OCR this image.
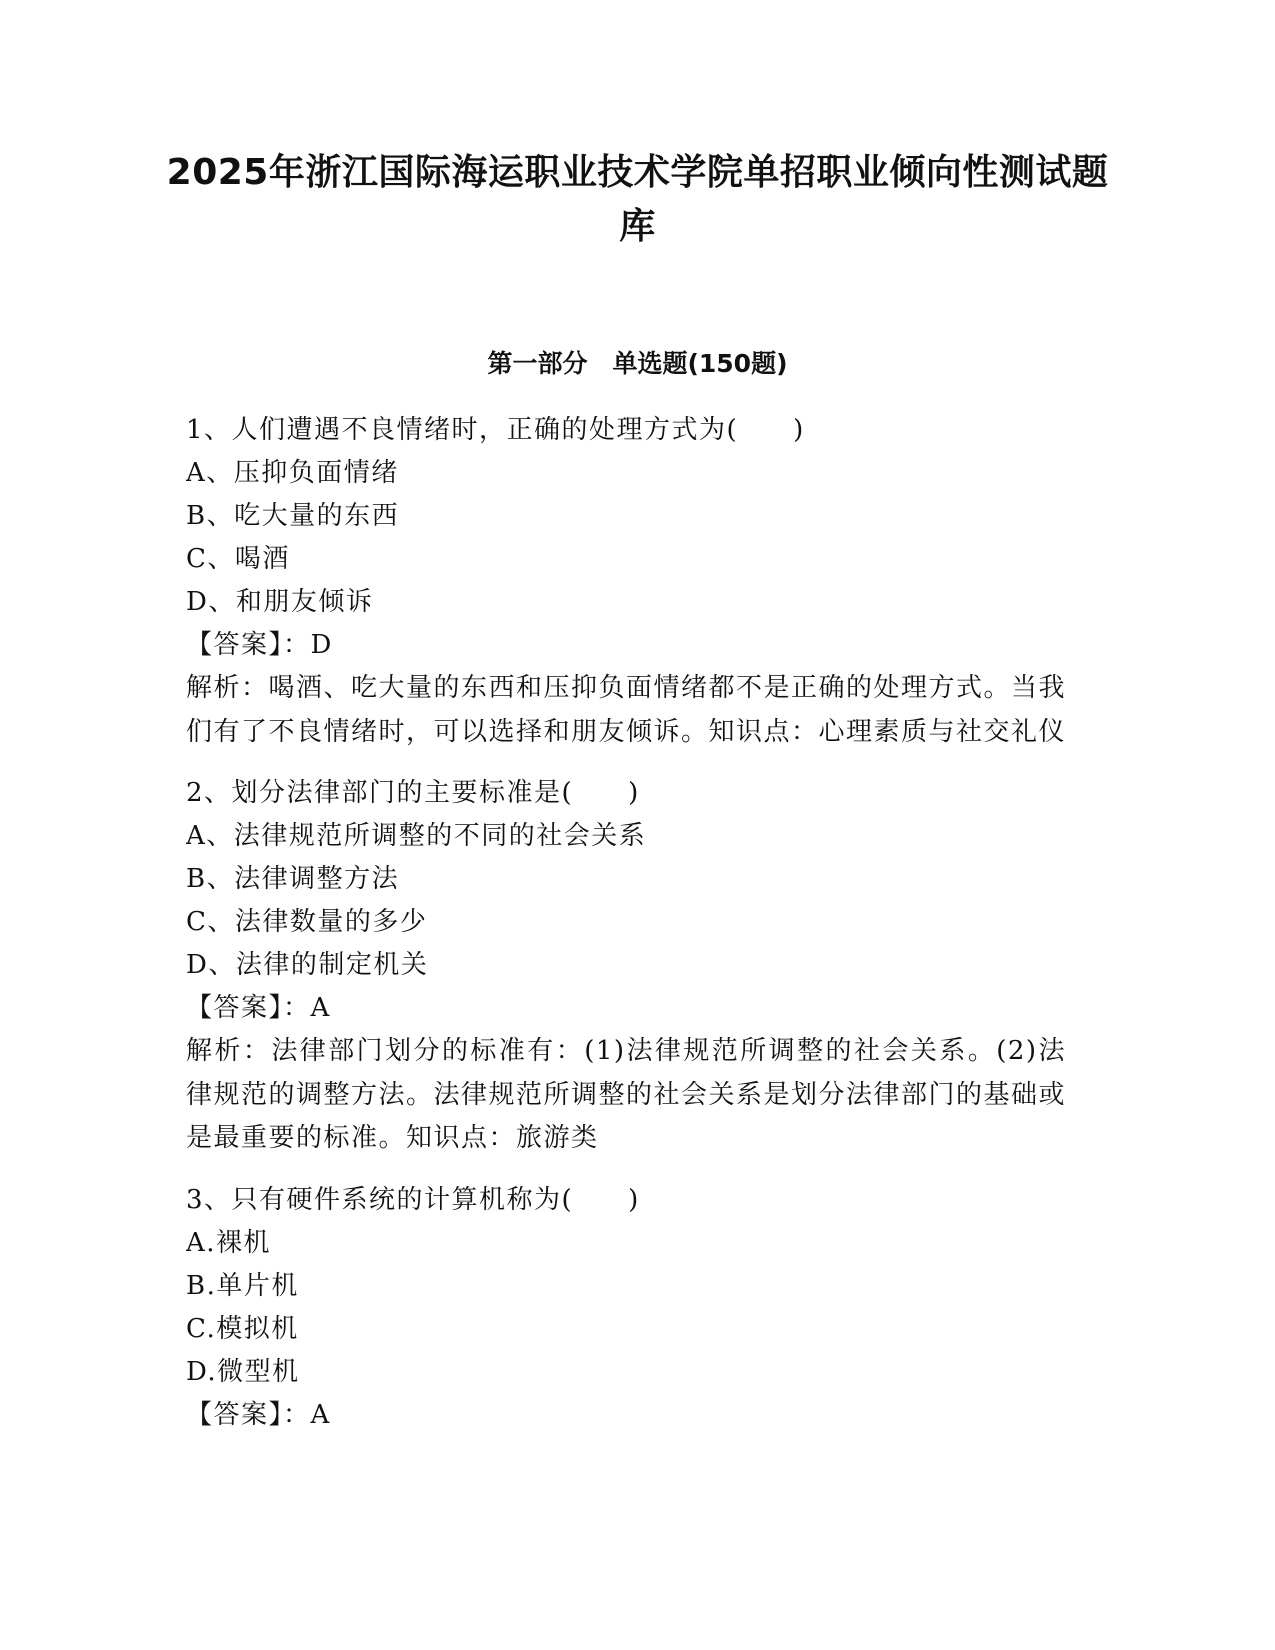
2025年浙江国际海运职业技术学院单招职业倾向性测试题库
第一部分　单选题(150题)
1、人们遭遇不良情绪时，正确的处理方式为(　　)
A、压抑负面情绪
B、吃大量的东西
C、喝酒
D、和朋友倾诉
【答案】：D
解析：喝酒、吃大量的东西和压抑负面情绪都不是正确的处理方式。当我们有了不良情绪时，可以选择和朋友倾诉。知识点：心理素质与社交礼仪
2、划分法律部门的主要标准是(　　)
A、法律规范所调整的不同的社会关系
B、法律调整方法
C、法律数量的多少
D、法律的制定机关
【答案】：A
解析：法律部门划分的标准有：(1)法律规范所调整的社会关系。(2)法律规范的调整方法。法律规范所调整的社会关系是划分法律部门的基础或是最重要的标准。知识点：旅游类
3、只有硬件系统的计算机称为(　　)
A.裸机
B.单片机
C.模拟机
D.微型机
【答案】：A
